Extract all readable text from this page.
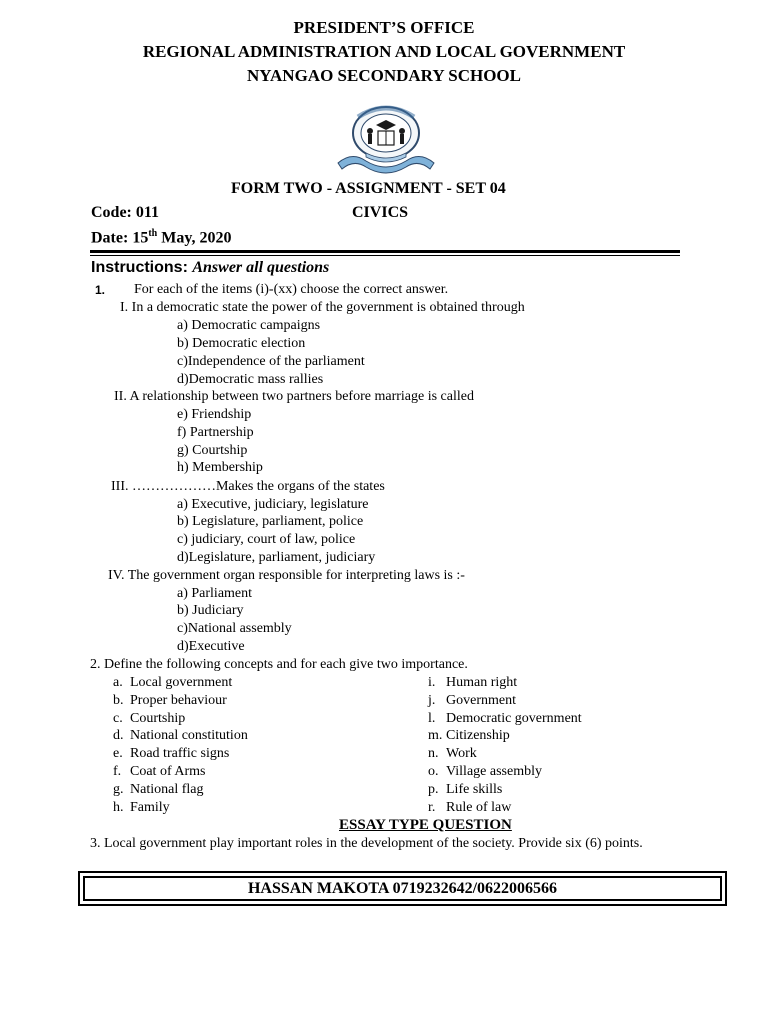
PRESIDENT’S OFFICE
REGIONAL ADMINISTRATION AND LOCAL GOVERNMENT
NYANGAO SECONDARY SCHOOL
FORM TWO - ASSIGNMENT - SET 04
Code: 011	CIVICS
Date: 15th May, 2020
Instructions: Answer all questions
1. For each of the items (i)-(xx) choose the correct answer.
I. In a democratic state the power of the government is obtained through
a) Democratic campaigns
b) Democratic election
c)Independence of the parliament
d)Democratic mass rallies
II. A relationship between two partners before marriage is called
e) Friendship
f) Partnership
g) Courtship
h) Membership
III. ………………Makes the organs of the states
a) Executive, judiciary, legislature
b) Legislature, parliament, police
c) judiciary, court of law, police
d)Legislature, parliament, judiciary
IV. The government organ responsible for interpreting laws is :-
a) Parliament
b) Judiciary
c)National assembly
d)Executive
2. Define the following concepts and for each give two importance.
a. Local government
b. Proper behaviour
c. Courtship
d. National constitution
e. Road traffic signs
f. Coat of Arms
g. National flag
h. Family
i. Human right
j. Government
l. Democratic government
m. Citizenship
n. Work
o. Village assembly
p. Life skills
r. Rule of law
ESSAY TYPE QUESTION
3. Local government play important roles in the development of the society. Provide six (6) points.
HASSAN MAKOTA 0719232642/0622006566
